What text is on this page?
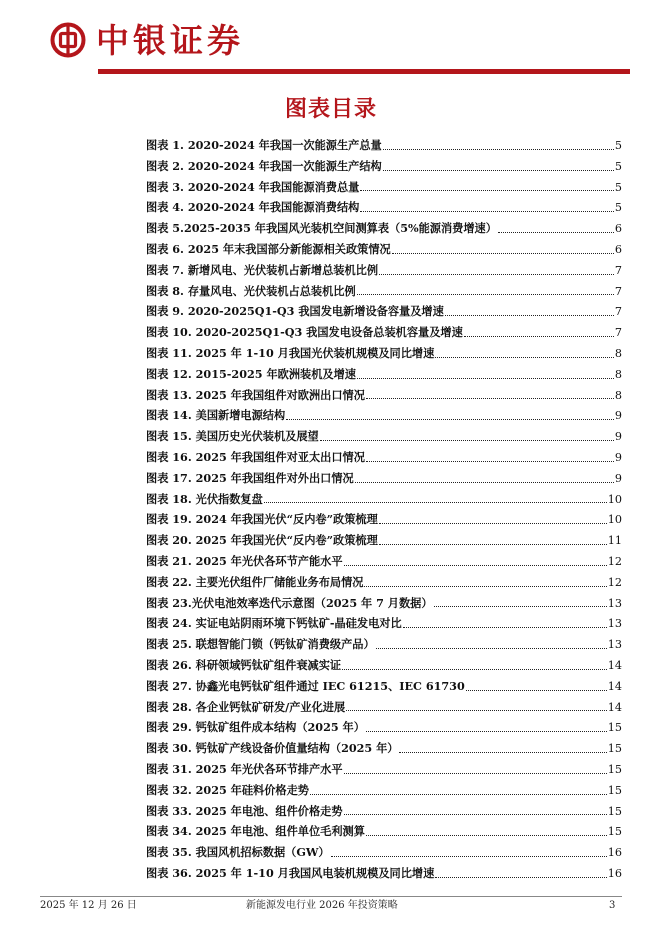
中银证券
图表目录
图表 1. 2020-2024 年我国一次能源生产总量	5
图表 2. 2020-2024 年我国一次能源生产结构	5
图表 3. 2020-2024 年我国能源消费总量	5
图表 4. 2020-2024 年我国能源消费结构	5
图表 5.2025-2035 年我国风光装机空间测算表（5%能源消费增速）	6
图表 6. 2025 年末我国部分新能源相关政策情况	6
图表 7. 新增风电、光伏装机占新增总装机比例	7
图表 8. 存量风电、光伏装机占总装机比例	7
图表 9. 2020-2025Q1-Q3 我国发电新增设备容量及增速	7
图表 10. 2020-2025Q1-Q3 我国发电设备总装机容量及增速	7
图表 11. 2025 年 1-10 月我国光伏装机规模及同比增速	8
图表 12. 2015-2025 年欧洲装机及增速	8
图表 13. 2025 年我国组件对欧洲出口情况	8
图表 14. 美国新增电源结构	9
图表 15. 美国历史光伏装机及展望	9
图表 16. 2025 年我国组件对亚太出口情况	9
图表 17. 2025 年我国组件对外出口情况	9
图表 18. 光伏指数复盘	10
图表 19. 2024 年我国光伏“反内卷”政策梳理	10
图表 20. 2025 年我国光伏“反内卷”政策梳理	11
图表 21. 2025 年光伏各环节产能水平	12
图表 22. 主要光伏组件厂储能业务布局情况	12
图表 23.光伏电池效率迭代示意图（2025 年 7 月数据）	13
图表 24. 实证电站阴雨环境下钙钛矿-晶硅发电对比	13
图表 25. 联想智能门锁（钙钛矿消费级产品）	13
图表 26. 科研领域钙钛矿组件衰减实证	14
图表 27. 协鑫光电钙钛矿组件通过 IEC 61215、IEC 61730	14
图表 28. 各企业钙钛矿研发/产业化进展	14
图表 29. 钙钛矿组件成本结构（2025 年）	15
图表 30. 钙钛矿产线设备价值量结构（2025 年）	15
图表 31. 2025 年光伏各环节排产水平	15
图表 32. 2025 年硅料价格走势	15
图表 33. 2025 年电池、组件价格走势	15
图表 34. 2025 年电池、组件单位毛利测算	15
图表 35. 我国风机招标数据（GW）	16
图表 36. 2025 年 1-10 月我国风电装机规模及同比增速	16
2025 年 12 月 26 日	新能源发电行业 2026 年投资策略	3
